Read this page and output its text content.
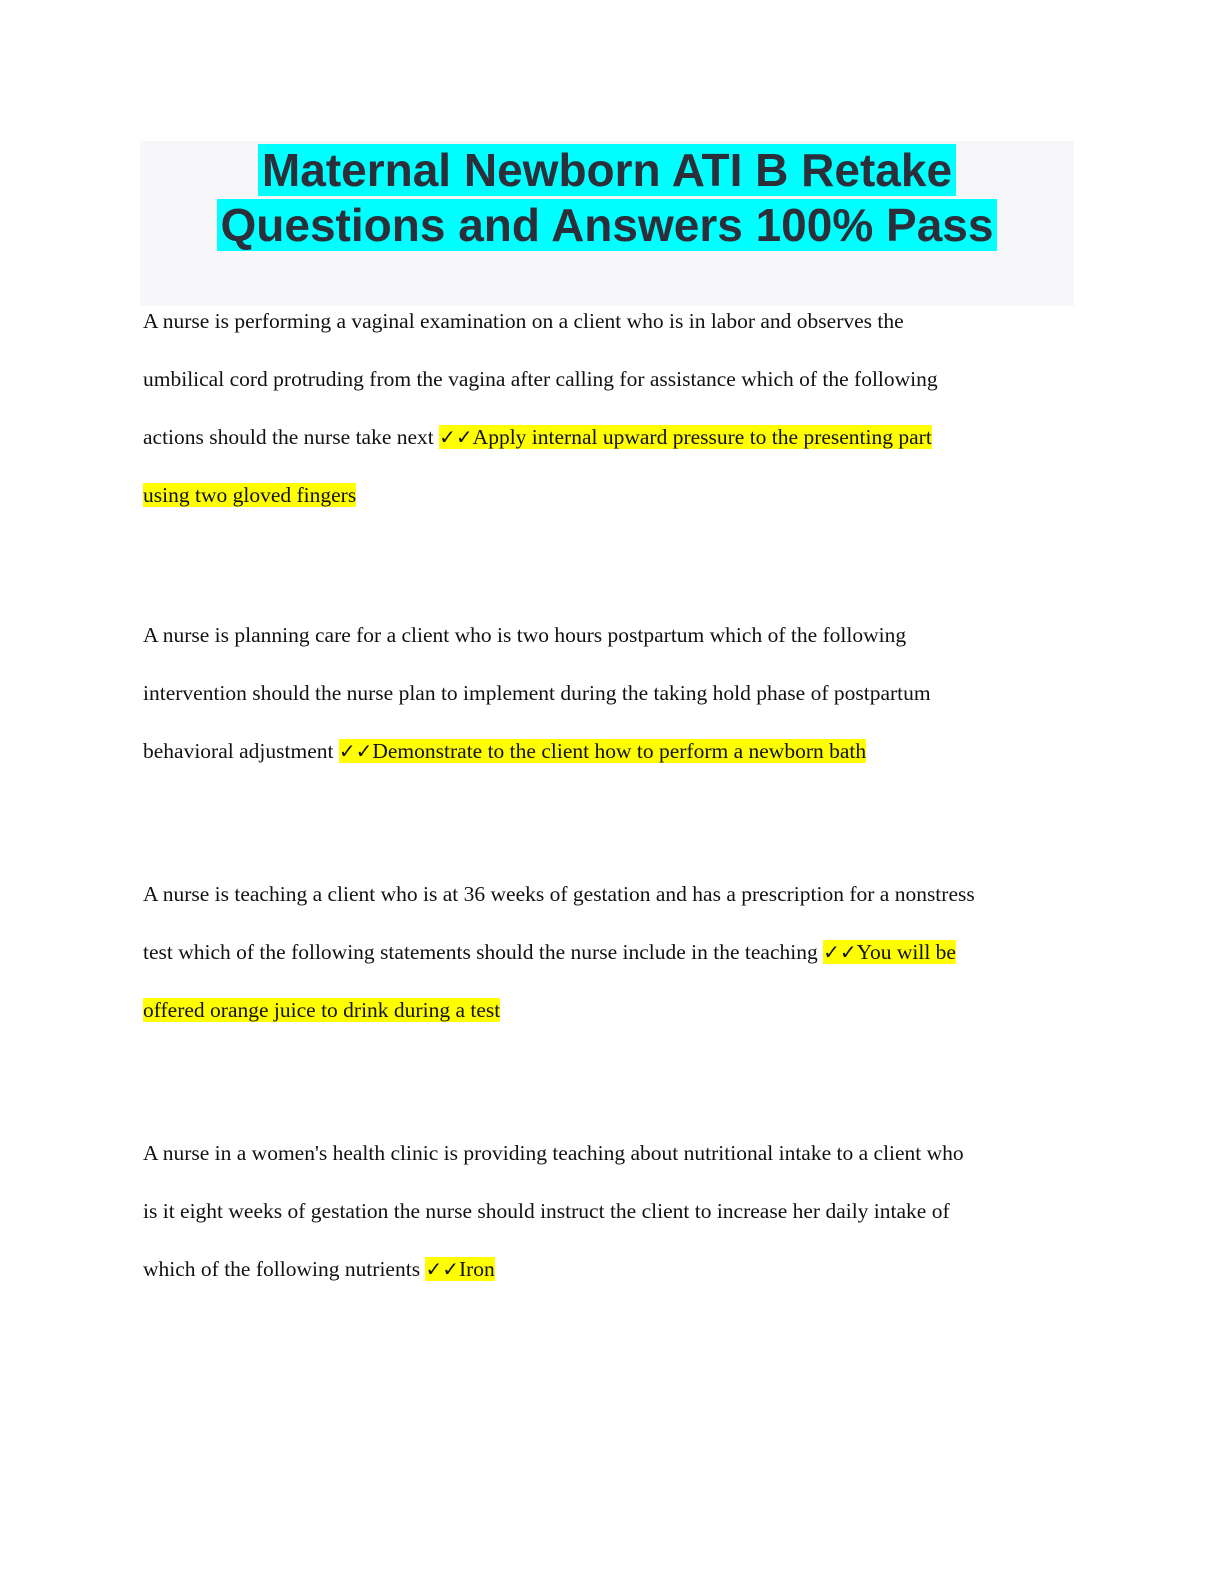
Maternal Newborn ATI B Retake
Questions and Answers 100% Pass
A nurse is performing a vaginal examination on a client who is in labor and observes the
umbilical cord protruding from the vagina after calling for assistance which of the following
actions should the nurse take next ✓✓Apply internal upward pressure to the presenting part
using two gloved fingers
A nurse is planning care for a client who is two hours postpartum which of the following
intervention should the nurse plan to implement during the taking hold phase of postpartum
behavioral adjustment ✓✓Demonstrate to the client how to perform a newborn bath
A nurse is teaching a client who is at 36 weeks of gestation and has a prescription for a nonstress
test which of the following statements should the nurse include in the teaching ✓✓You will be
offered orange juice to drink during a test
A nurse in a women's health clinic is providing teaching about nutritional intake to a client who
is it eight weeks of gestation the nurse should instruct the client to increase her daily intake of
which of the following nutrients ✓✓Iron
